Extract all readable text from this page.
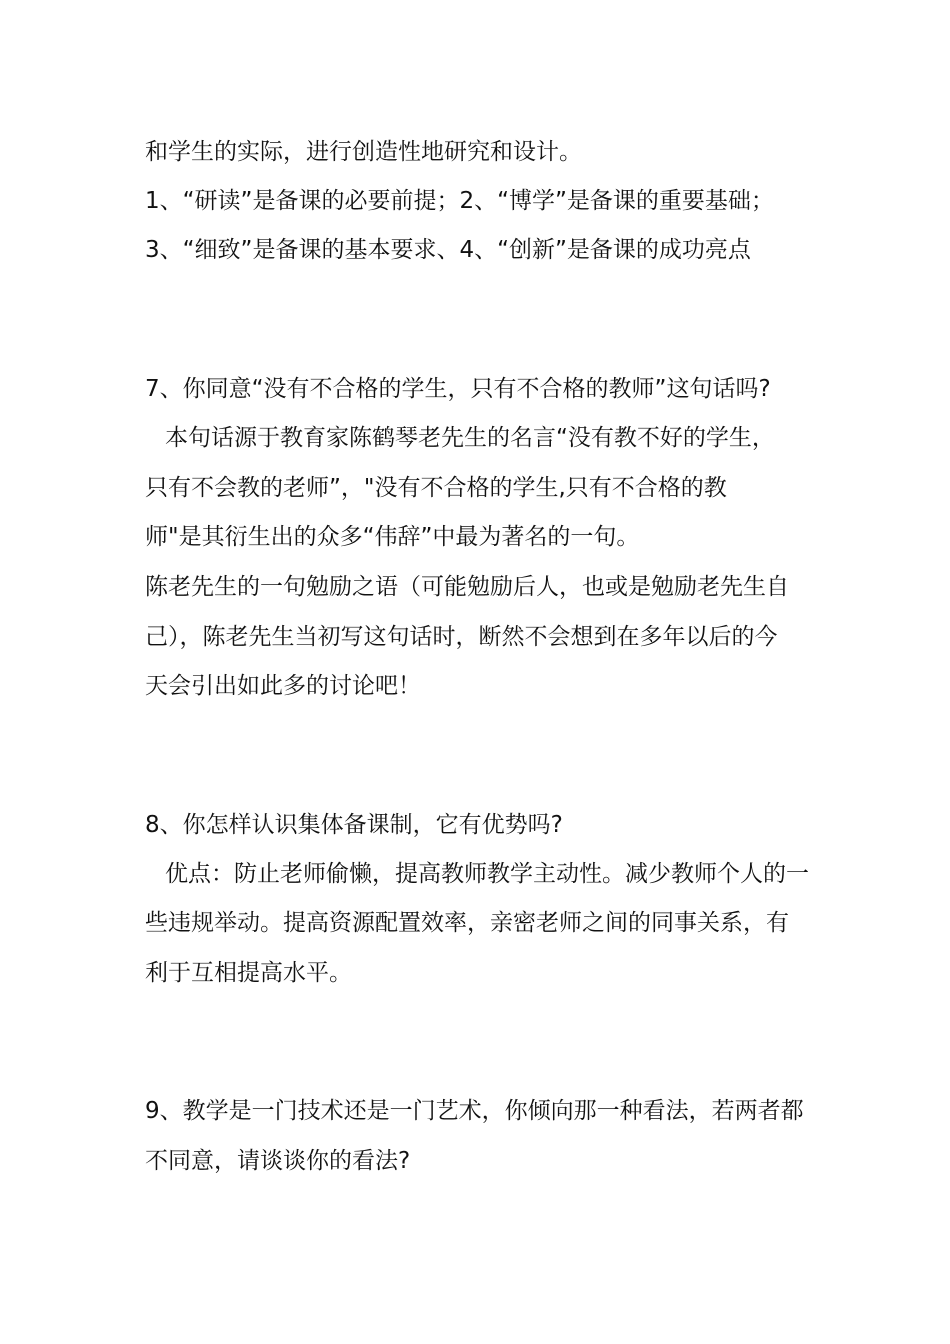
和学生的实际，进行创造性地研究和设计。
1、“研读”是备课的必要前提；2、“博学”是备课的重要基础；
3、“细致”是备课的基本要求、4、“创新”是备课的成功亮点
7、你同意“没有不合格的学生，只有不合格的教师”这句话吗?
本句话源于教育家陈鹤琴老先生的名言“没有教不好的学生，
只有不会教的老师”，"没有不合格的学生,只有不合格的教
师"是其衍生出的众多“伟辞”中最为著名的一句。
陈老先生的一句勉励之语（可能勉励后人，也或是勉励老先生自
己），陈老先生当初写这句话时，断然不会想到在多年以后的今
天会引出如此多的讨论吧！
8、你怎样认识集体备课制，它有优势吗?
优点：防止老师偷懒，提高教师教学主动性。减少教师个人的一
些违规举动。提高资源配置效率，亲密老师之间的同事关系，有
利于互相提高水平。
9、教学是一门技术还是一门艺术，你倾向那一种看法，若两者都
不同意，请谈谈你的看法?
